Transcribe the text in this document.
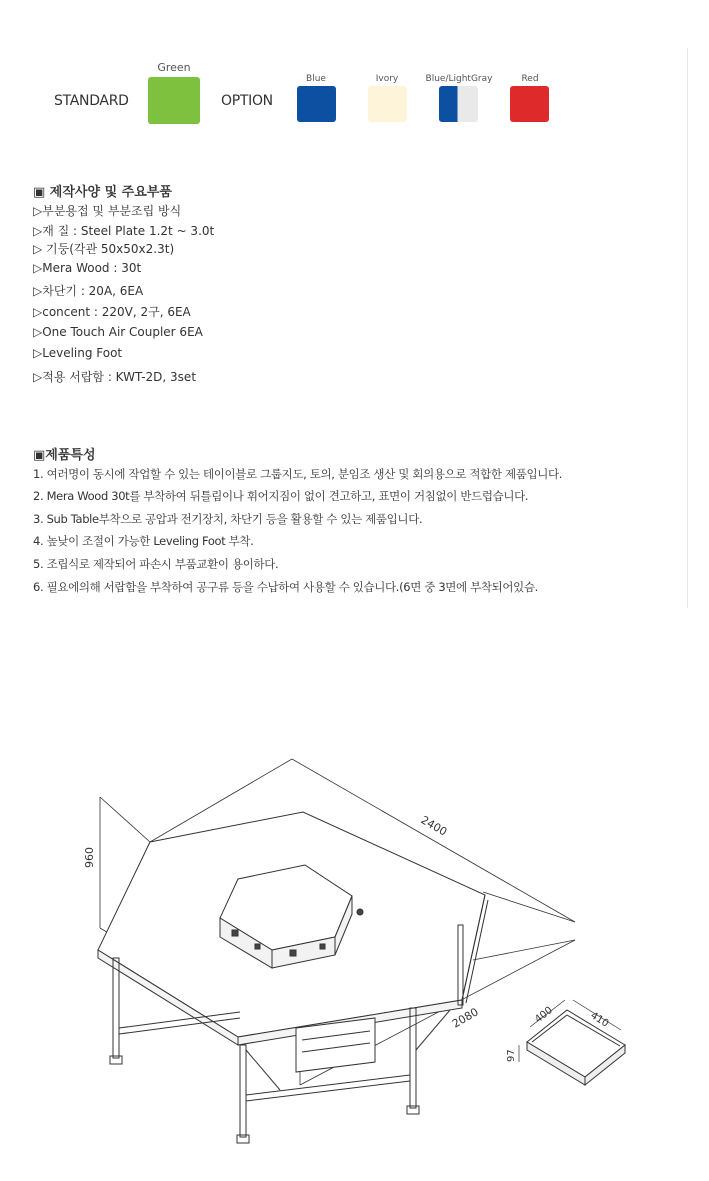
STANDARD
Green
OPTION
Blue	Ivory	Blue/LightGray	Red
▣ 제작사양 및 주요부품
▷부분용접 및 부분조립 방식
▷재 질 : Steel Plate 1.2t ~ 3.0t
▷ 기둥(각관 50x50x2.3t)
▷Mera Wood : 30t
▷차단기 : 20A, 6EA
▷concent : 220V, 2구, 6EA
▷One Touch Air Coupler 6EA
▷Leveling Foot
▷적용 서랍함 : KWT-2D, 3set
▣제품특성
1. 여러명이 동시에 작업할 수 있는 테이이블로 그룹지도, 토의, 분임조 생산 및 회의용으로 적합한 제품입니다.
2. Mera Wood 30t를 부착하여 뒤틀림이나 휘어지짐이 없이 견고하고, 표면이 거침없이 반드럽습니다.
3. Sub Table부착으로 공압과 전기장치, 차단기 등을 활용할 수 있는 제품입니다.
4. 높낮이 조절이 가능한 Leveling Foot 부착.
5. 조립식로 제작되어 파손시 부품교환이 용이하다.
6. 필요에의해 서랍함을 부착하여 공구류 등을 수납하여 사용할 수 있습니다.(6면 중 3면에 부착되어있슴.
960
2400
2080	400	410
97
